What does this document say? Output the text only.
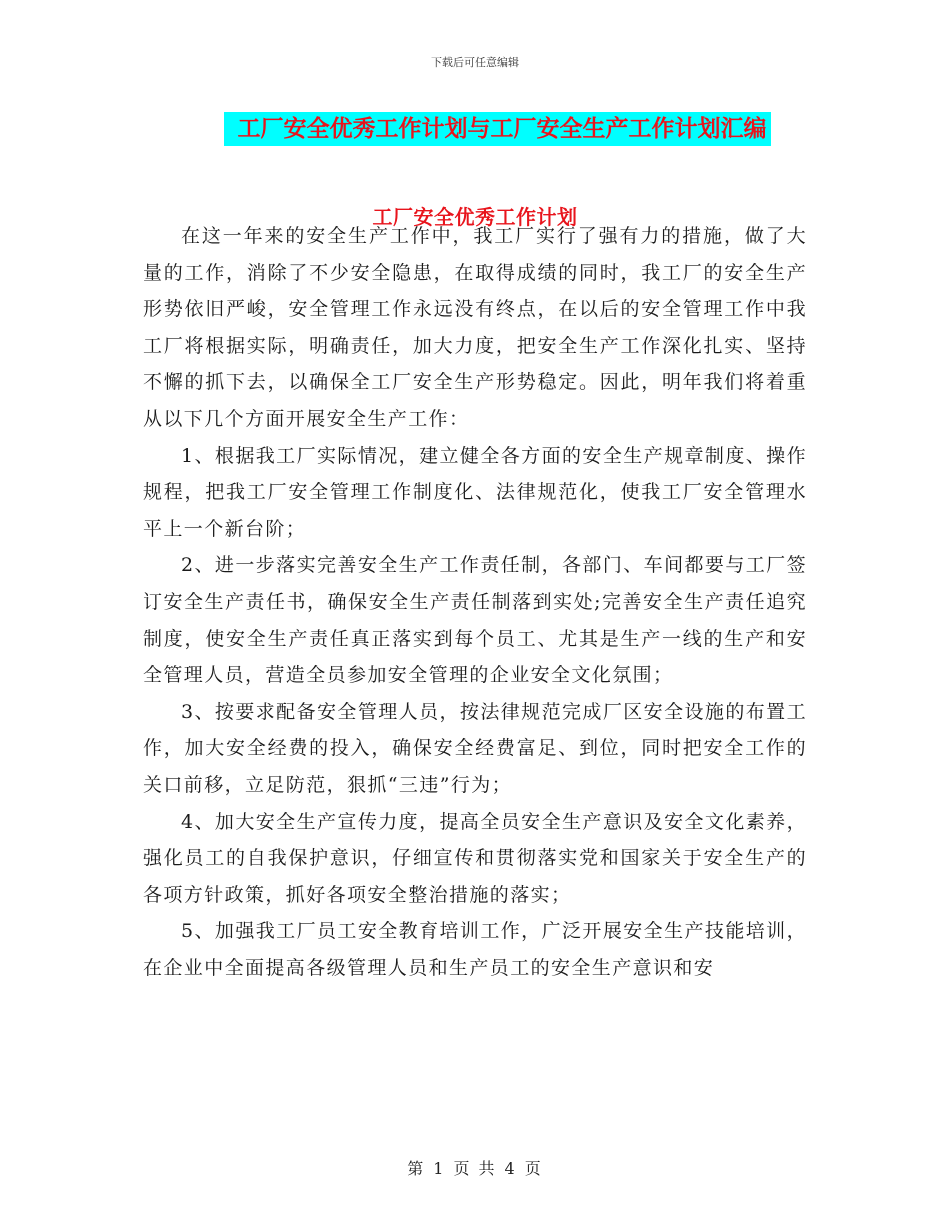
下载后可任意编辑
工厂安全优秀工作计划与工厂安全生产工作计划汇编
工厂安全优秀工作计划

在这一年来的安全生产工作中，我工厂实行了强有力的措施，做了大量的工作，消除了不少安全隐患，在取得成绩的同时，我工厂的安全生产形势依旧严峻，安全管理工作永远没有终点，在以后的安全管理工作中我工厂将根据实际，明确责任，加大力度，把安全生产工作深化扎实、坚持不懈的抓下去，以确保全工厂安全生产形势稳定。因此，明年我们将着重从以下几个方面开展安全生产工作：

1、根据我工厂实际情况，建立健全各方面的安全生产规章制度、操作规程，把我工厂安全管理工作制度化、法律规范化，使我工厂安全管理水平上一个新台阶；

2、进一步落实完善安全生产工作责任制，各部门、车间都要与工厂签订安全生产责任书，确保安全生产责任制落到实处;完善安全生产责任追究制度，使安全生产责任真正落实到每个员工、尤其是生产一线的生产和安全管理人员，营造全员参加安全管理的企业安全文化氛围；

3、按要求配备安全管理人员，按法律规范完成厂区安全设施的布置工作，加大安全经费的投入，确保安全经费富足、到位，同时把安全工作的关口前移，立足防范，狠抓“三违”行为；

4、加大安全生产宣传力度，提高全员安全生产意识及安全文化素养，强化员工的自我保护意识，仔细宣传和贯彻落实党和国家关于安全生产的各项方针政策，抓好各项安全整治措施的落实；

5、加强我工厂员工安全教育培训工作，广泛开展安全生产技能培训，在企业中全面提高各级管理人员和生产员工的安全生产意识和安

第 1 页 共 4 页
